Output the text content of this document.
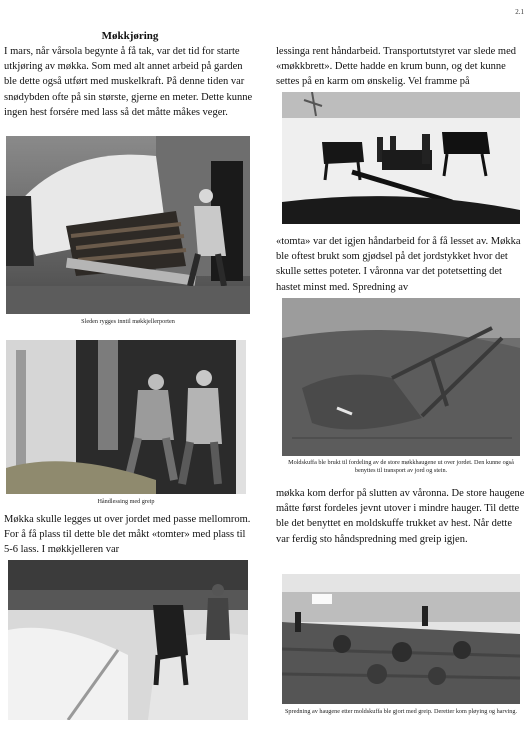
2.1
Møkkjøring

I mars, når vårsola begynte å få tak, var det tid for starte utkjøring av møkka. Som med alt annet arbeid på garden ble dette også utført med muskelkraft. På denne tiden var snødybden ofte på sin største, gjerne en meter. Dette kunne ingen hest forsére med lass så det måtte måkes veger.

Sleden rygges inntil møkkjellerporten
Håndlessing med greip

Møkka skulle legges ut over jordet med passe mellomrom. For å få plass til dette ble det måkt «tomter» med plass til 5-6 lass. I møkkjelleren var

lessinga rent håndarbeid. Transportutstyret var slede med «møkkbrett». Dette hadde en krum bunn, og det kunne settes på en karm om ønskelig. Vel framme på

«tomta» var det igjen håndarbeid for å få lesset av. Møkka ble oftest brukt som gjødsel på det jordstykket hvor det skulle settes poteter. I våronna var det potetsetting det hastet minst med. Spredning av

Moldskuffa ble brukt til fordeling av de store møkkhaugene ut over jordet. Den kunne også benyttes til transport av jord og stein.

møkka kom derfor på slutten av våronna. De store haugene måtte først fordeles jevnt utover i mindre hauger. Til dette ble det benyttet en moldskuffe trukket av hest. Når dette var ferdig sto håndspredning med greip igjen.

Spredning av haugene etter moldskuffa ble gjort med greip. Deretter kom pløying og harving.
